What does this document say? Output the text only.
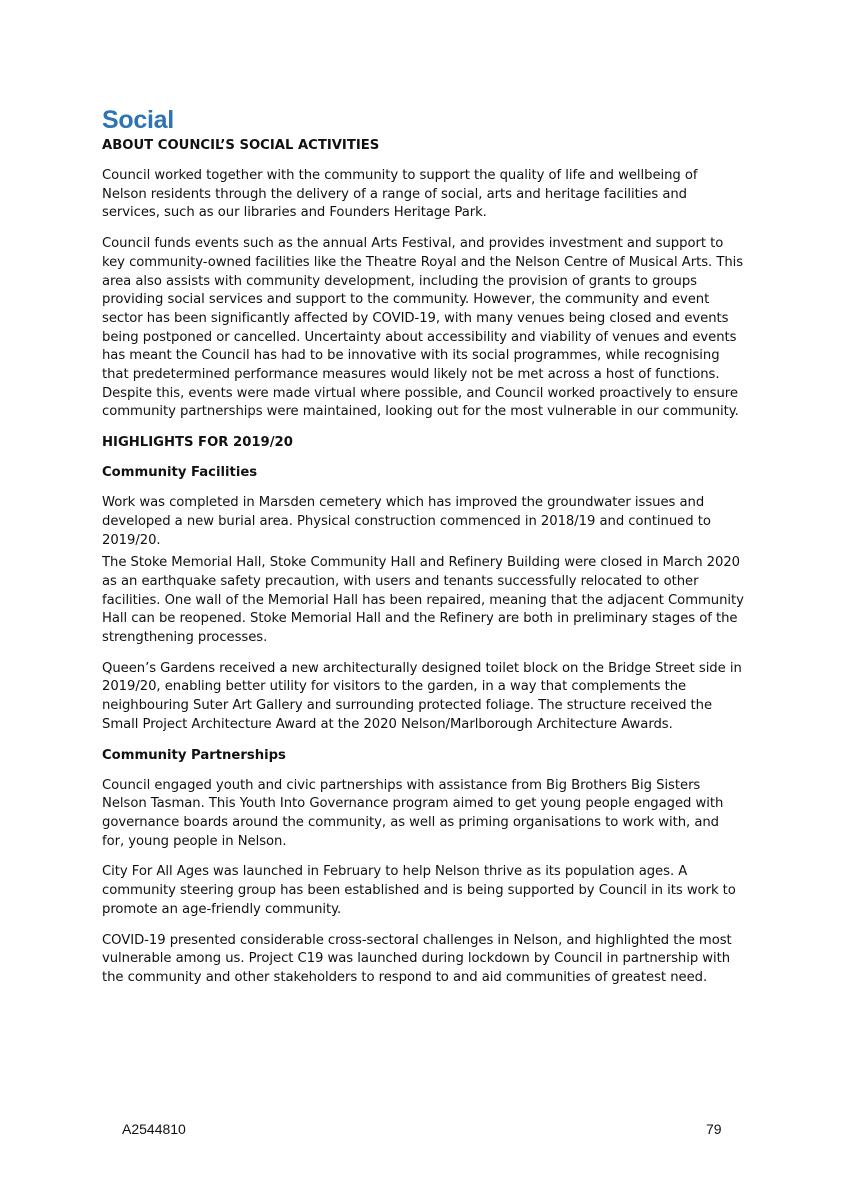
Social
ABOUT COUNCIL’S SOCIAL ACTIVITIES

Council worked together with the community to support the quality of life and wellbeing of Nelson residents through the delivery of a range of social, arts and heritage facilities and services, such as our libraries and Founders Heritage Park.

Council funds events such as the annual Arts Festival, and provides investment and support to key community-owned facilities like the Theatre Royal and the Nelson Centre of Musical Arts. This area also assists with community development, including the provision of grants to groups providing social services and support to the community. However, the community and event sector has been significantly affected by COVID-19, with many venues being closed and events being postponed or cancelled. Uncertainty about accessibility and viability of venues and events has meant the Council has had to be innovative with its social programmes, while recognising that predetermined performance measures would likely not be met across a host of functions. Despite this, events were made virtual where possible, and Council worked proactively to ensure community partnerships were maintained, looking out for the most vulnerable in our community.

HIGHLIGHTS FOR 2019/20
Community Facilities

Work was completed in Marsden cemetery which has improved the groundwater issues and developed a new burial area. Physical construction commenced in 2018/19 and continued to 2019/20.

The Stoke Memorial Hall, Stoke Community Hall and Refinery Building were closed in March 2020 as an earthquake safety precaution, with users and tenants successfully relocated to other facilities. One wall of the Memorial Hall has been repaired, meaning that the adjacent Community Hall can be reopened. Stoke Memorial Hall and the Refinery are both in preliminary stages of the strengthening processes.

Queen’s Gardens received a new architecturally designed toilet block on the Bridge Street side in 2019/20, enabling better utility for visitors to the garden, in a way that complements the neighbouring Suter Art Gallery and surrounding protected foliage. The structure received the Small Project Architecture Award at the 2020 Nelson/Marlborough Architecture Awards.

Community Partnerships

Council engaged youth and civic partnerships with assistance from Big Brothers Big Sisters Nelson Tasman. This Youth Into Governance program aimed to get young people engaged with governance boards around the community, as well as priming organisations to work with, and for, young people in Nelson.

City For All Ages was launched in February to help Nelson thrive as its population ages. A community steering group has been established and is being supported by Council in its work to promote an age-friendly community.

COVID-19 presented considerable cross-sectoral challenges in Nelson, and highlighted the most vulnerable among us. Project C19 was launched during lockdown by Council in partnership with the community and other stakeholders to respond to and aid communities of greatest need.

A2544810	79
